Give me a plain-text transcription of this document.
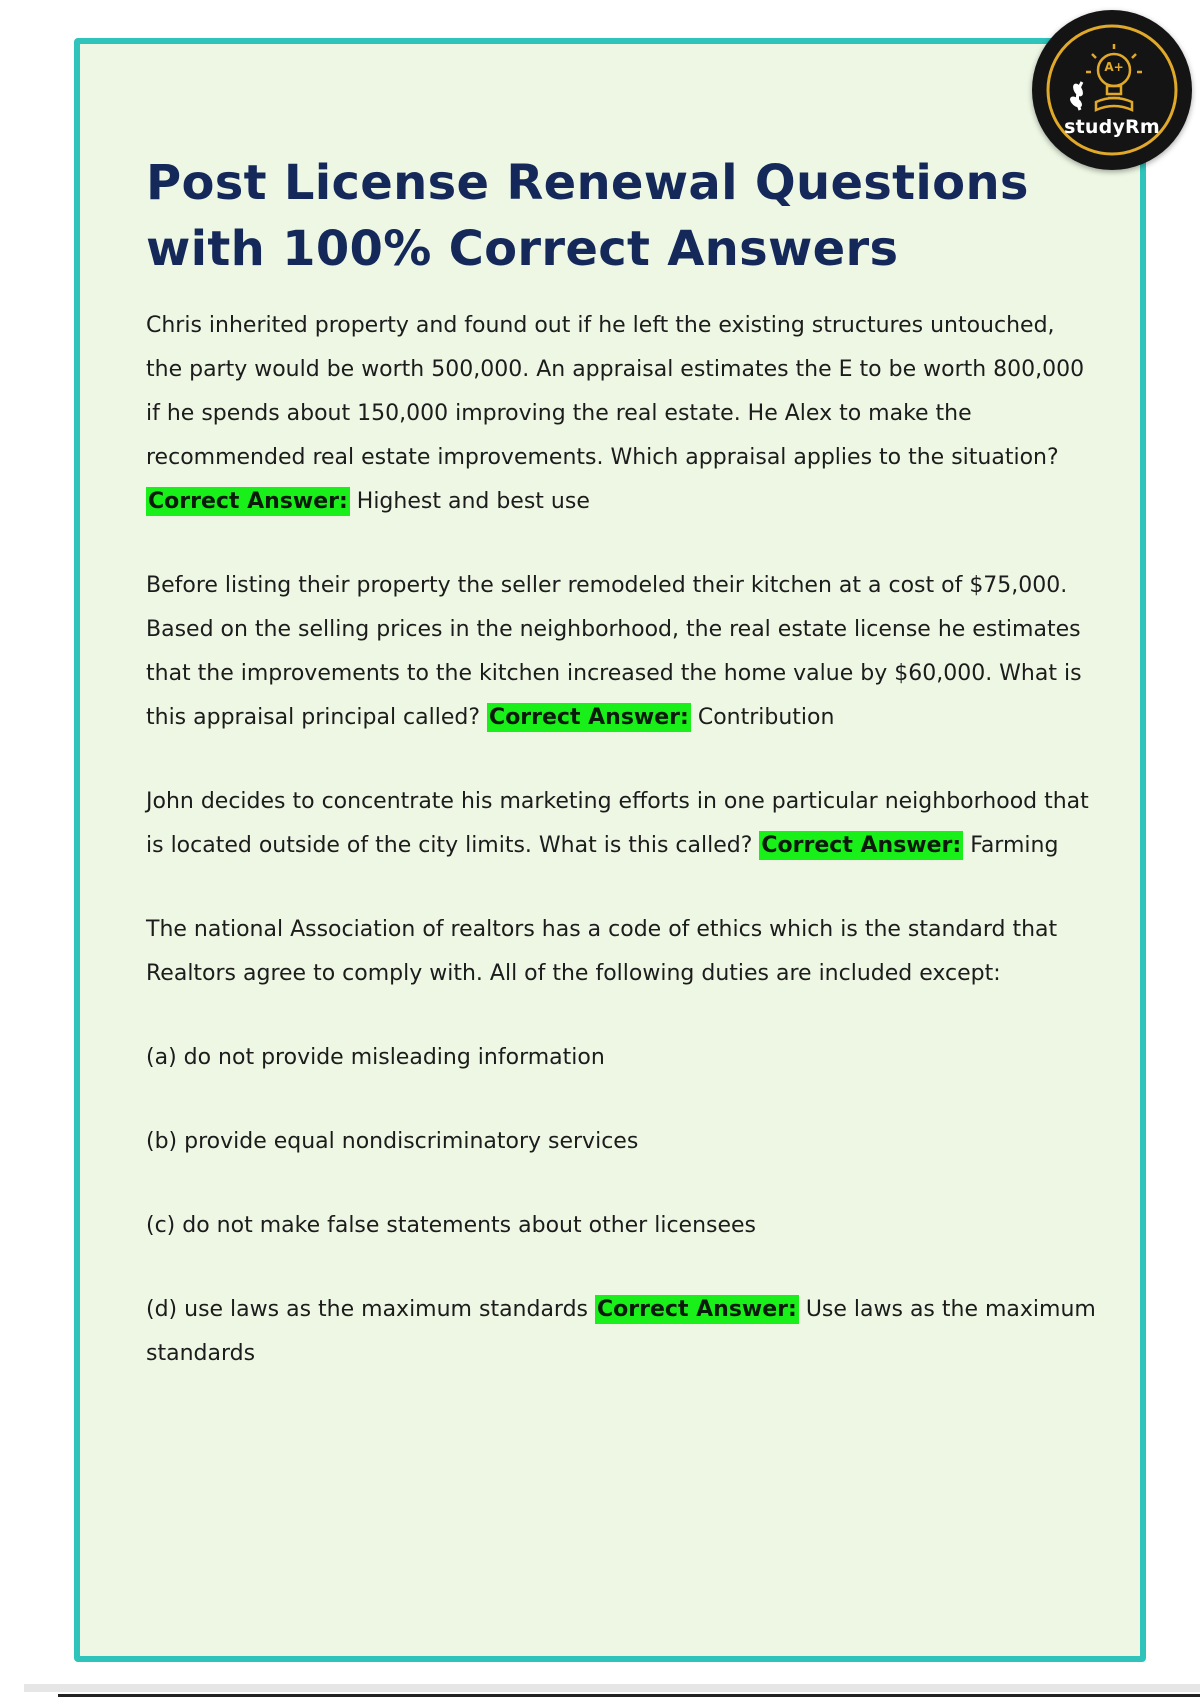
studyRm
A+
Post License Renewal Questions with 100% Correct Answers

Chris inherited property and found out if he left the existing structures untouched, the party would be worth 500,000. An appraisal estimates the E to be worth 800,000 if he spends about 150,000 improving the real estate. He Alex to make the recommended real estate improvements. Which appraisal applies to the situation? Correct Answer: Highest and best use

Before listing their property the seller remodeled their kitchen at a cost of $75,000. Based on the selling prices in the neighborhood, the real estate license he estimates that the improvements to the kitchen increased the home value by $60,000. What is this appraisal principal called? Correct Answer: Contribution

John decides to concentrate his marketing efforts in one particular neighborhood that is located outside of the city limits. What is this called? Correct Answer: Farming

The national Association of realtors has a code of ethics which is the standard that Realtors agree to comply with. All of the following duties are included except:

(a) do not provide misleading information

(b) provide equal nondiscriminatory services

(c) do not make false statements about other licensees

(d) use laws as the maximum standards Correct Answer: Use laws as the maximum standards
